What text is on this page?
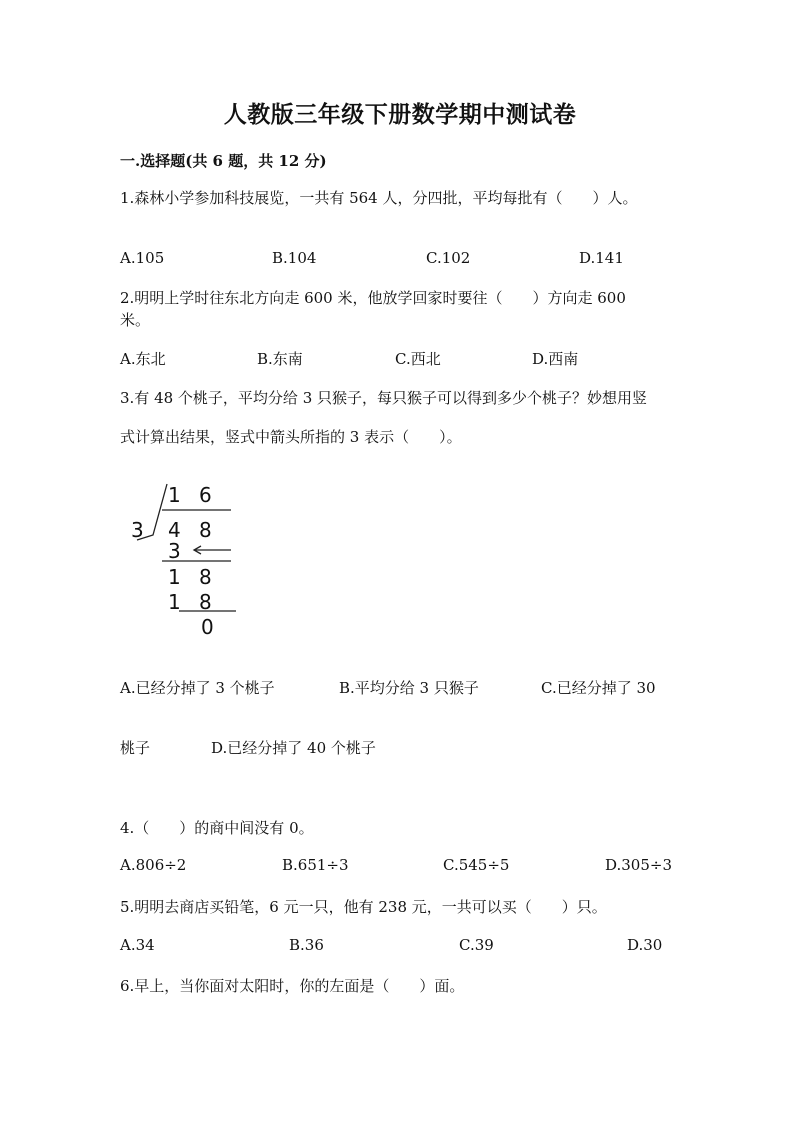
人教版三年级下册数学期中测试卷
一.选择题(共 6 题，共 12 分)
1.森林小学参加科技展览，一共有 564 人，分四批，平均每批有（　　）人。
A.105	B.104	C.102	D.141
2.明明上学时往东北方向走 600 米，他放学回家时要往（　　）方向走 600
米。
A.东北	B.东南	C.西北	D.西南
3.有 48 个桃子，平均分给 3 只猴子，每只猴子可以得到多少个桃子？妙想用竖
式计算出结果，竖式中箭头所指的 3 表示（　　）。
1 6
3 4 8
3
1 8
1 8
0
A.已经分掉了 3 个桃子	B.平均分给 3 只猴子	C.已经分掉了 30
桃子	D.已经分掉了 40 个桃子
4.（　　）的商中间没有 0。
A.806÷2	B.651÷3	C.545÷5	D.305÷3
5.明明去商店买铅笔，6 元一只，他有 238 元，一共可以买（　　）只。
A.34	B.36	C.39	D.30
6.早上，当你面对太阳时，你的左面是（　　）面。
